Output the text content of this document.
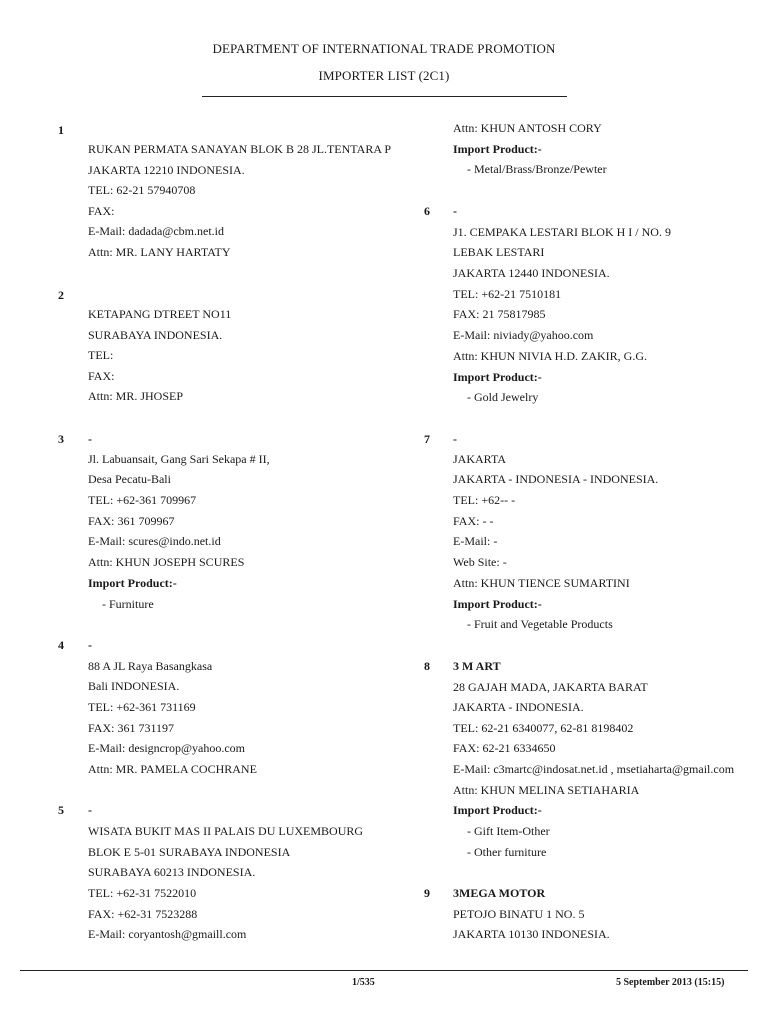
DEPARTMENT OF INTERNATIONAL TRADE PROMOTION
IMPORTER LIST (2C1)
1
RUKAN PERMATA SANAYAN BLOK B 28 JL.TENTARA P
JAKARTA 12210 INDONESIA.
TEL: 62-21 57940708
FAX:
E-Mail: dadada@cbm.net.id
Attn: MR. LANY HARTATY
2
KETAPANG DTREET NO11
SURABAYA INDONESIA.
TEL:
FAX:
Attn: MR. JHOSEP
3 -
Jl. Labuansait, Gang Sari Sekapa # II,
Desa Pecatu-Bali
TEL: +62-361 709967
FAX: 361 709967
E-Mail: scures@indo.net.id
Attn: KHUN JOSEPH SCURES
Import Product:-
- Furniture
4 -
88 A JL Raya Basangkasa
Bali INDONESIA.
TEL: +62-361 731169
FAX: 361 731197
E-Mail: designcrop@yahoo.com
Attn: MR. PAMELA COCHRANE
5 -
WISATA BUKIT MAS II PALAIS DU LUXEMBOURG
BLOK E 5-01 SURABAYA INDONESIA
SURABAYA 60213 INDONESIA.
TEL: +62-31 7522010
FAX: +62-31 7523288
E-Mail: coryantosh@gmaill.com
Attn: KHUN ANTOSH CORY
Import Product:-
- Metal/Brass/Bronze/Pewter
6 -
J1. CEMPAKA LESTARI BLOK H I / NO. 9
LEBAK LESTARI
JAKARTA 12440 INDONESIA.
TEL: +62-21 7510181
FAX: 21 75817985
E-Mail: niviady@yahoo.com
Attn: KHUN NIVIA H.D. ZAKIR, G.G.
Import Product:-
- Gold Jewelry
7 -
JAKARTA
JAKARTA - INDONESIA - INDONESIA.
TEL: +62-- -
FAX: - -
E-Mail: -
Web Site: -
Attn: KHUN TIENCE SUMARTINI
Import Product:-
- Fruit and Vegetable Products
8 3 M ART
28 GAJAH MADA, JAKARTA BARAT
JAKARTA - INDONESIA.
TEL: 62-21 6340077, 62-81 8198402
FAX: 62-21 6334650
E-Mail: c3martc@indosat.net.id , msetiaharta@gmail.com
Attn: KHUN MELINA SETIAHARIA
Import Product:-
- Gift Item-Other
- Other furniture
9 3MEGA MOTOR
PETOJO BINATU 1 NO. 5
JAKARTA 10130 INDONESIA.
1/535	5 September 2013 (15:15)
